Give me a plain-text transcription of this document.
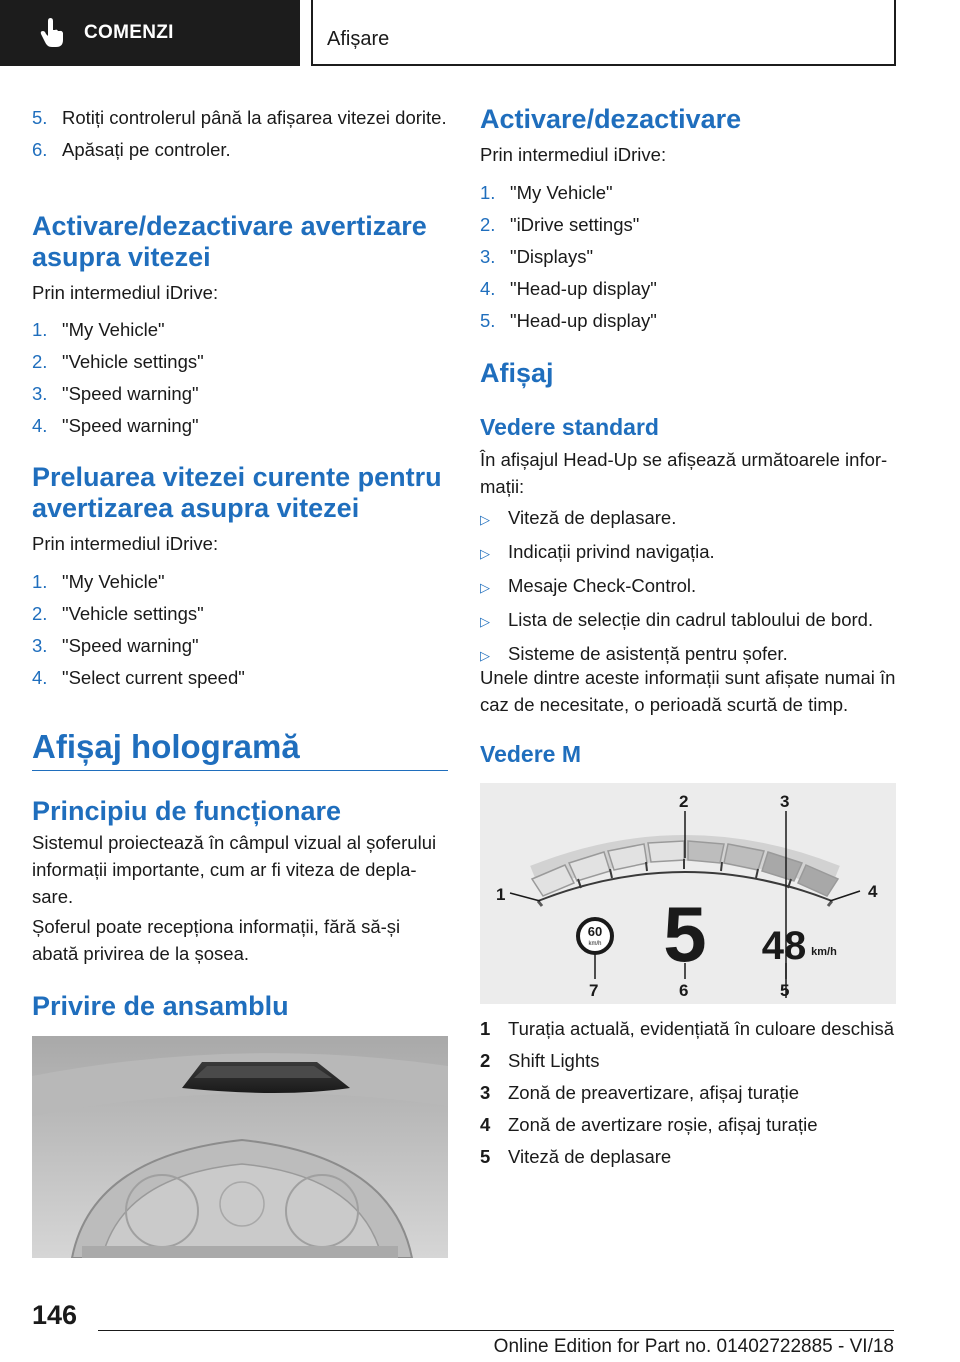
COMENZI	Afișare
5. Rotiți controlerul până la afișarea vitezei dorite.
6. Apăsați pe controler.
Activare/dezactivare avertizare asupra vitezei
Prin intermediul iDrive:
1. "My Vehicle"
2. "Vehicle settings"
3. "Speed warning"
4. "Speed warning"
Preluarea vitezei curente pentru avertizarea asupra vitezei
Prin intermediul iDrive:
1. "My Vehicle"
2. "Vehicle settings"
3. "Speed warning"
4. "Select current speed"
Afișaj hologramă
Principiu de funcționare
Sistemul proiectează în câmpul vizual al șoferului informații importante, cum ar fi viteza de deplasare.
Șoferul poate recepționa informații, fără să-și abată privirea de la șosea.
Privire de ansamblu
Activare/dezactivare
Prin intermediul iDrive:
1. "My Vehicle"
2. "iDrive settings"
3. "Displays"
4. "Head-up display"
5. "Head-up display"
Afișaj
Vedere standard
În afișajul Head-Up se afișează următoarele informații:
▷ Viteză de deplasare.
▷ Indicații privind navigația.
▷ Mesaje Check-Control.
▷ Lista de selecție din cadrul tabloului de bord.
▷ Sisteme de asistență pentru șofer.
Unele dintre aceste informații sunt afișate numai în caz de necesitate, o perioadă scurtă de timp.
Vedere M
60
km/h 5 48 km/h
1
2	3
4
5
6
7
1 Turația actuală, evidențiată în culoare deschisă
2 Shift Lights
3 Zonă de preavertizare, afișaj turație
4 Zonă de avertizare roșie, afișaj turație
5 Viteză de deplasare
146
Online Edition for Part no. 01402722885 - VI/18
